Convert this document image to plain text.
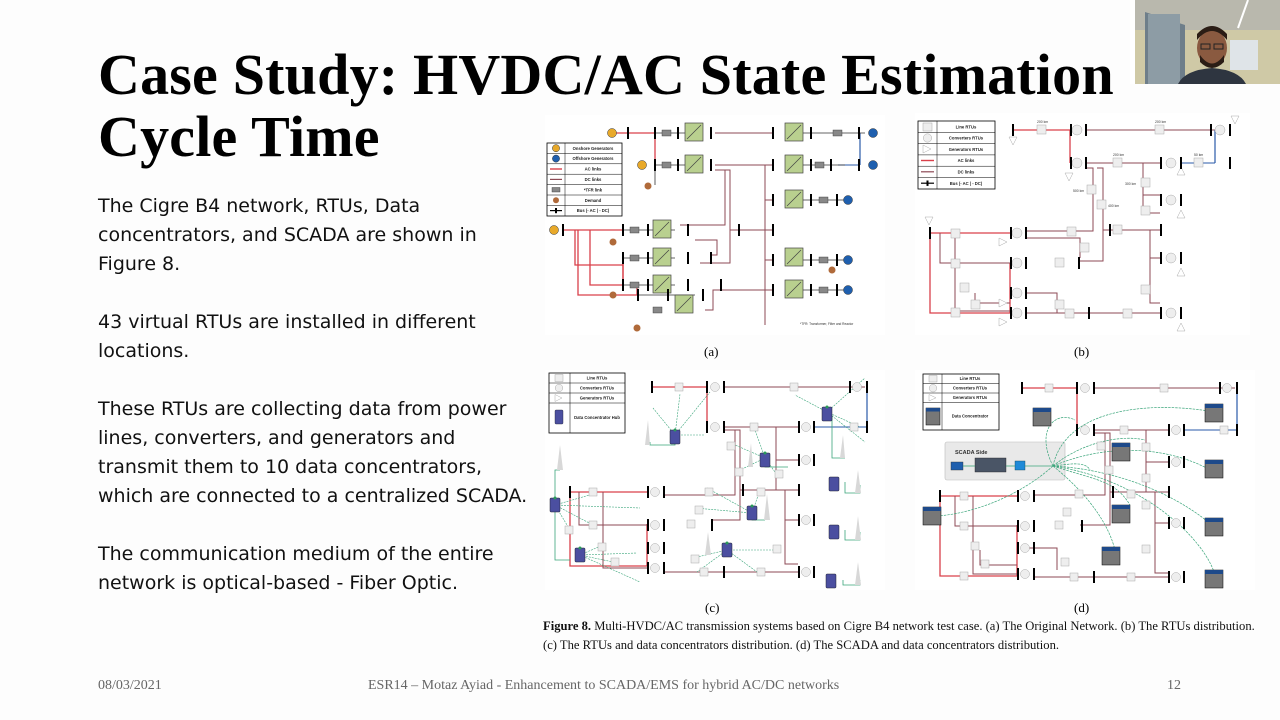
Case Study: HVDC/AC State Estimation
Cycle Time

The Cigre B4 network, RTUs, Data concentrators, and SCADA are shown in Figure 8.

43 virtual RTUs are installed in different locations.

These RTUs are collecting data from power lines, converters, and generators and transmit them to 10 data concentrators, which are connected to a centralized SCADA.

The communication medium of the entire network is optical-based - Fiber Optic.

Onshore Generators
Offshore Generators
AC links
DC links
*TFR link
Demand
Bus (- AC | - DC)
*TFR: Transformer, Filter and Reactor
(a)
Line RTUs
Converters RTUs
Generators RTUs
AC links
DC links
Bus (- AC | - DC)
200 km	200 km
200 km	50 km
300 km
500 km
400 km
(b)
Line RTUs
Converters RTUs
Generators RTUs
Data Concentrator Hub
(c)
Line RTUs
Converters RTUs
Generators RTUs
Data Concentrator
SCADA Side
(d)
Figure 8. Multi-HVDC/AC transmission systems based on Cigre B4 network test case. (a) The Original Network. (b) The RTUs distribution. (c) The RTUs and data concentrators distribution. (d) The SCADA and data concentrators distribution.
08/03/2021	ESR14 – Motaz Ayiad - Enhancement to SCADA/EMS for hybrid AC/DC networks	12
